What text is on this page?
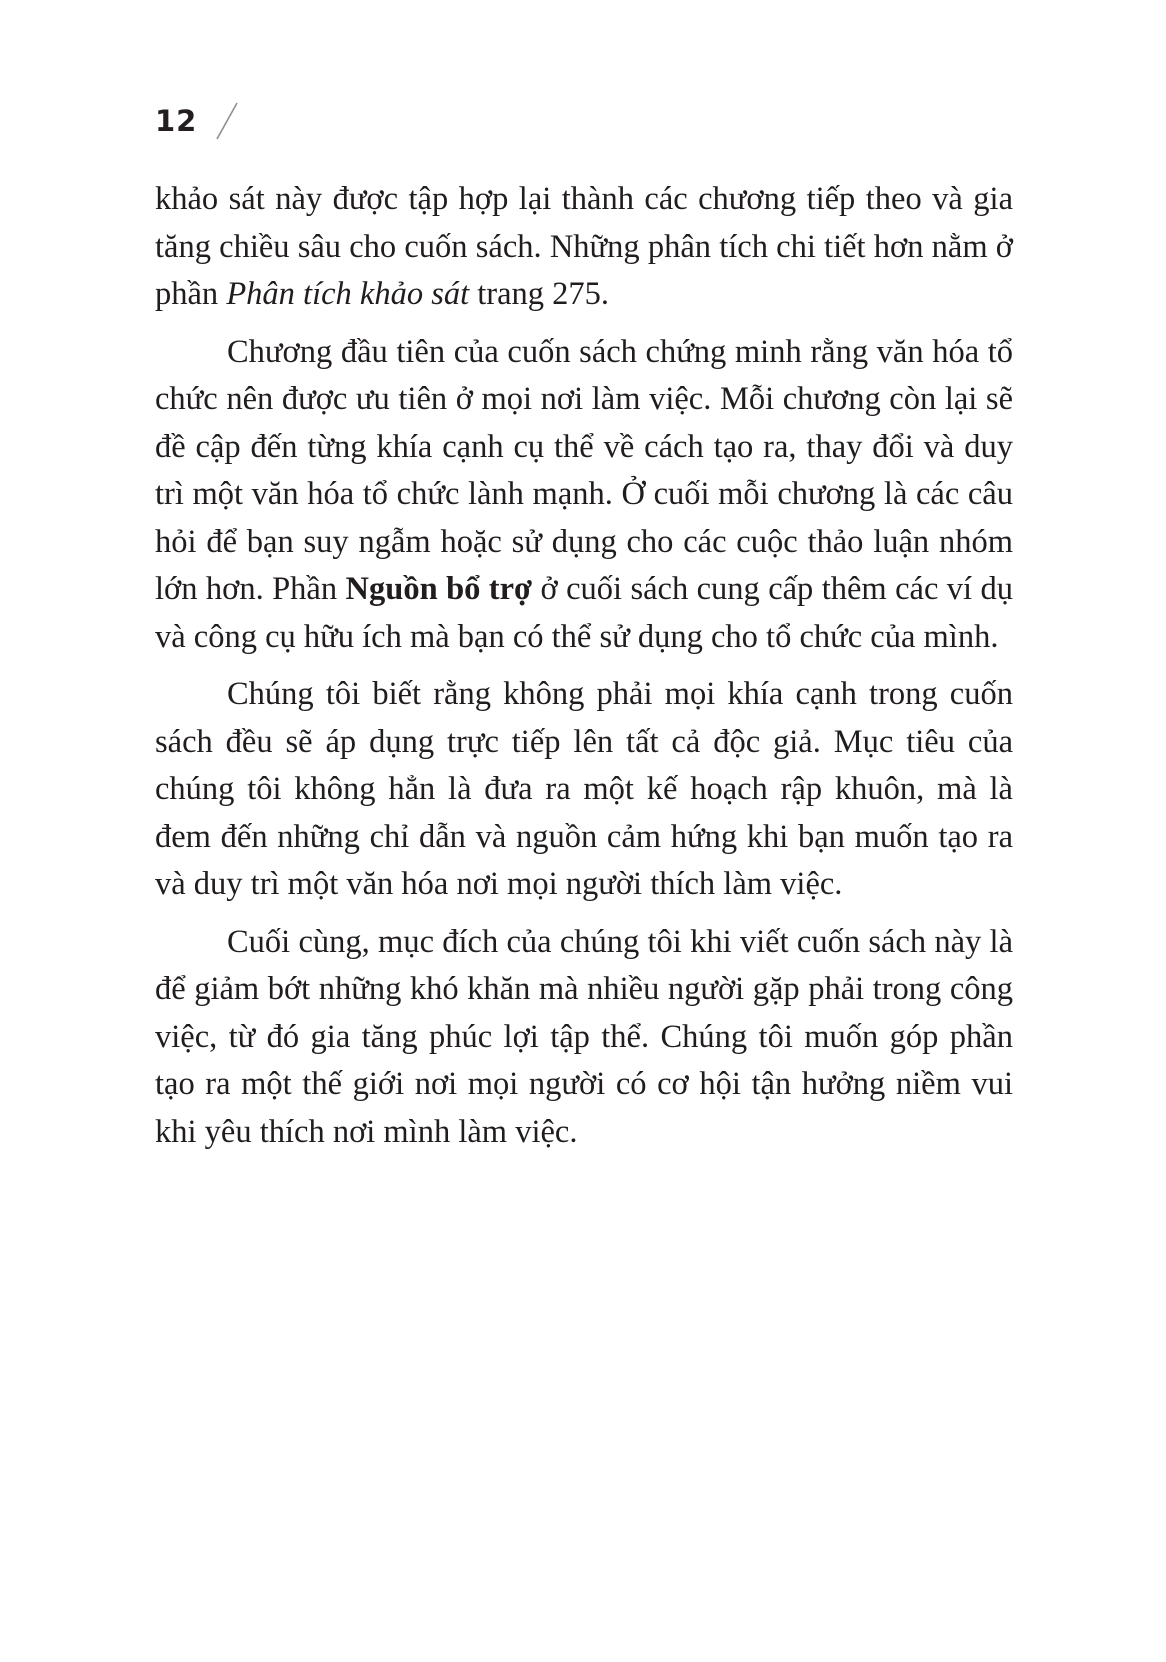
12

khảo sát này được tập hợp lại thành các chương tiếp theo và gia tăng chiều sâu cho cuốn sách. Những phân tích chi tiết hơn nằm ở phần Phân tích khảo sát trang 275.

Chương đầu tiên của cuốn sách chứng minh rằng văn hóa tổ chức nên được ưu tiên ở mọi nơi làm việc. Mỗi chương còn lại sẽ đề cập đến từng khía cạnh cụ thể về cách tạo ra, thay đổi và duy trì một văn hóa tổ chức lành mạnh. Ở cuối mỗi chương là các câu hỏi để bạn suy ngẫm hoặc sử dụng cho các cuộc thảo luận nhóm lớn hơn. Phần Nguồn bổ trợ ở cuối sách cung cấp thêm các ví dụ và công cụ hữu ích mà bạn có thể sử dụng cho tổ chức của mình.

Chúng tôi biết rằng không phải mọi khía cạnh trong cuốn sách đều sẽ áp dụng trực tiếp lên tất cả độc giả. Mục tiêu của chúng tôi không hẳn là đưa ra một kế hoạch rập khuôn, mà là đem đến những chỉ dẫn và nguồn cảm hứng khi bạn muốn tạo ra và duy trì một văn hóa nơi mọi người thích làm việc.

Cuối cùng, mục đích của chúng tôi khi viết cuốn sách này là để giảm bớt những khó khăn mà nhiều người gặp phải trong công việc, từ đó gia tăng phúc lợi tập thể. Chúng tôi muốn góp phần tạo ra một thế giới nơi mọi người có cơ hội tận hưởng niềm vui khi yêu thích nơi mình làm việc.
